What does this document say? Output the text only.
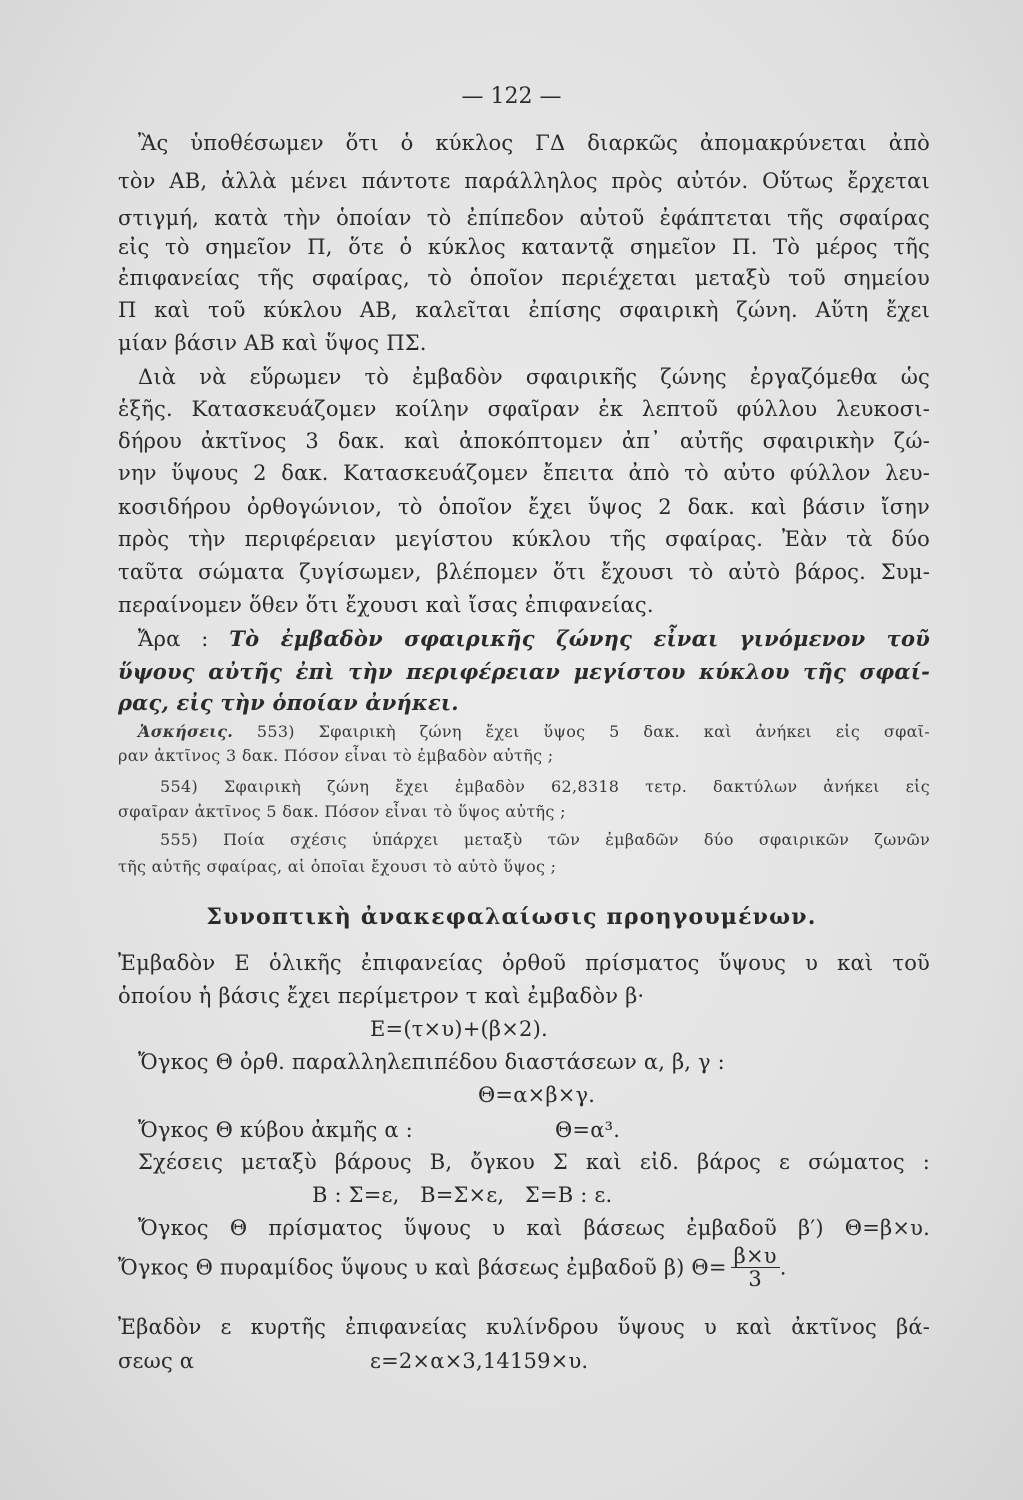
— 122 —
Ἂς ὑποθέσωμεν ὅτι ὁ κύκλος ΓΔ διαρκῶς ἀπομακρύνεται ἀπὸ
τὸν ΑΒ, ἀλλὰ μένει πάντοτε παράλληλος πρὸς αὐτόν. Οὕτως ἔρχεται
στιγμή, κατὰ τὴν ὁποίαν τὸ ἐπίπεδον αὐτοῦ ἐφάπτεται τῆς σφαίρας
εἰς τὸ σημεῖον Π, ὅτε ὁ κύκλος καταντᾷ σημεῖον Π. Τὸ μέρος τῆς
ἐπιφανείας τῆς σφαίρας, τὸ ὁποῖον περιέχεται μεταξὺ τοῦ σημείου
Π καὶ τοῦ κύκλου ΑΒ, καλεῖται ἐπίσης σφαιρικὴ ζώνη. Αὕτη ἔχει
μίαν βάσιν ΑΒ καὶ ὕψος ΠΣ.
Διὰ νὰ εὕρωμεν τὸ ἐμβαδὸν σφαιρικῆς ζώνης ἐργαζόμεθα ὡς
ἑξῆς. Κατασκευάζομεν κοίλην σφαῖραν ἐκ λεπτοῦ φύλλου λευκοσι-
δήρου ἀκτῖνος 3 δακ. καὶ ἀποκόπτομεν ἀπ᾽ αὐτῆς σφαιρικὴν ζώ-
νην ὕψους 2 δακ. Κατασκευάζομεν ἔπειτα ἀπὸ τὸ αὐτο φύλλον λευ-
κοσιδήρου ὀρθογώνιον, τὸ ὁποῖον ἔχει ὕψος 2 δακ. καὶ βάσιν ἴσην
πρὸς τὴν περιφέρειαν μεγίστου κύκλου τῆς σφαίρας. Ἐὰν τὰ δύο
ταῦτα σώματα ζυγίσωμεν, βλέπομεν ὅτι ἔχουσι τὸ αὐτὸ βάρος. Συμ-
περαίνομεν ὅθεν ὅτι ἔχουσι καὶ ἴσας ἐπιφανείας.
Ἄρα : Τὸ ἐμβαδὸν σφαιρικῆς ζώνης εἶναι γινόμενον τοῦ
ὕψους αὐτῆς ἐπὶ τὴν περιφέρειαν μεγίστου κύκλου τῆς σφαί-
ρας, εἰς τὴν ὁποίαν ἀνήκει.
Ἀσκήσεις. 553) Σφαιρικὴ ζώνη ἔχει ὕψος 5 δακ. καὶ ἀνήκει εἰς σφαῖ-
ραν ἀκτῖνος 3 δακ. Πόσον εἶναι τὸ ἐμβαδὸν αὐτῆς ;
554) Σφαιρικὴ ζώνη ἔχει ἐμβαδὸν 62,8318 τετρ. δακτύλων ἀνήκει εἰς
σφαῖραν ἀκτῖνος 5 δακ. Πόσον εἶναι τὸ ὕψος αὐτῆς ;
555) Ποία σχέσις ὑπάρχει μεταξὺ τῶν ἐμβαδῶν δύο σφαιρικῶν ζωνῶν
τῆς αὐτῆς σφαίρας, αἱ ὁποῖαι ἔχουσι τὸ αὐτὸ ὕψος ;
Συνοπτικὴ ἀνακεφαλαίωσις προηγουμένων.
Ἐμβαδὸν Ε ὁλικῆς ἐπιφανείας ὀρθοῦ πρίσματος ὕψους υ καὶ τοῦ
ὁποίου ἡ βάσις ἔχει περίμετρον τ καὶ ἐμβαδὸν β·
Ε=(τ×υ)+(β×2).
Ὄγκος Θ ὀρθ. παραλληλεπιπέδου διαστάσεων α, β, γ :
Θ=α×β×γ.
Ὄγκος Θ κύβου ἀκμῆς α :	Θ=α³.
Σχέσεις μεταξὺ βάρους Β, ὄγκου Σ καὶ εἰδ. βάρος ε σώματος :
Β : Σ=ε,   Β=Σ×ε,   Σ=Β : ε.
Ὄγκος Θ πρίσματος ὕψους υ καὶ βάσεως ἐμβαδοῦ β′) Θ=β×υ.
Ὄγκος Θ πυραμίδος ὕψους υ καὶ βάσεως ἐμβαδοῦ β) $\Theta= \frac{\beta\times\upsilon}{3}$ .
Ἐβαδὸν ε κυρτῆς ἐπιφανείας κυλίνδρου ὕψους υ καὶ ἀκτῖνος βά-
σεως α	ε=2×α×3,14159×υ.
